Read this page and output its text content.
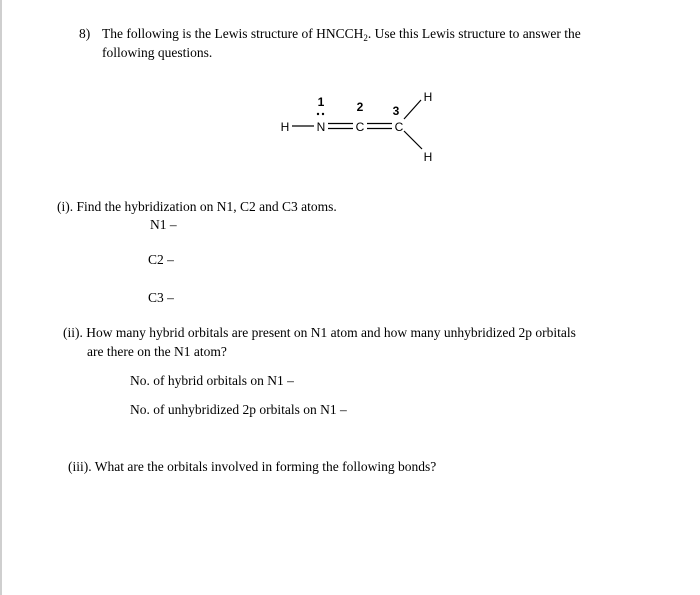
8) The following is the Lewis structure of $HNCCH_2$. Use this Lewis structure to answer the
following questions.
1	2 3
H N	C	C
H
H
(i). Find the hybridization on N1, C2 and C3 atoms.
N1 –
C2 –
C3 –
(ii). How many hybrid orbitals are present on N1 atom and how many unhybridized 2p orbitals
are there on the N1 atom?
No. of hybrid orbitals on N1 –
No. of unhybridized 2p orbitals on N1 –
(iii). What are the orbitals involved in forming the following bonds?
